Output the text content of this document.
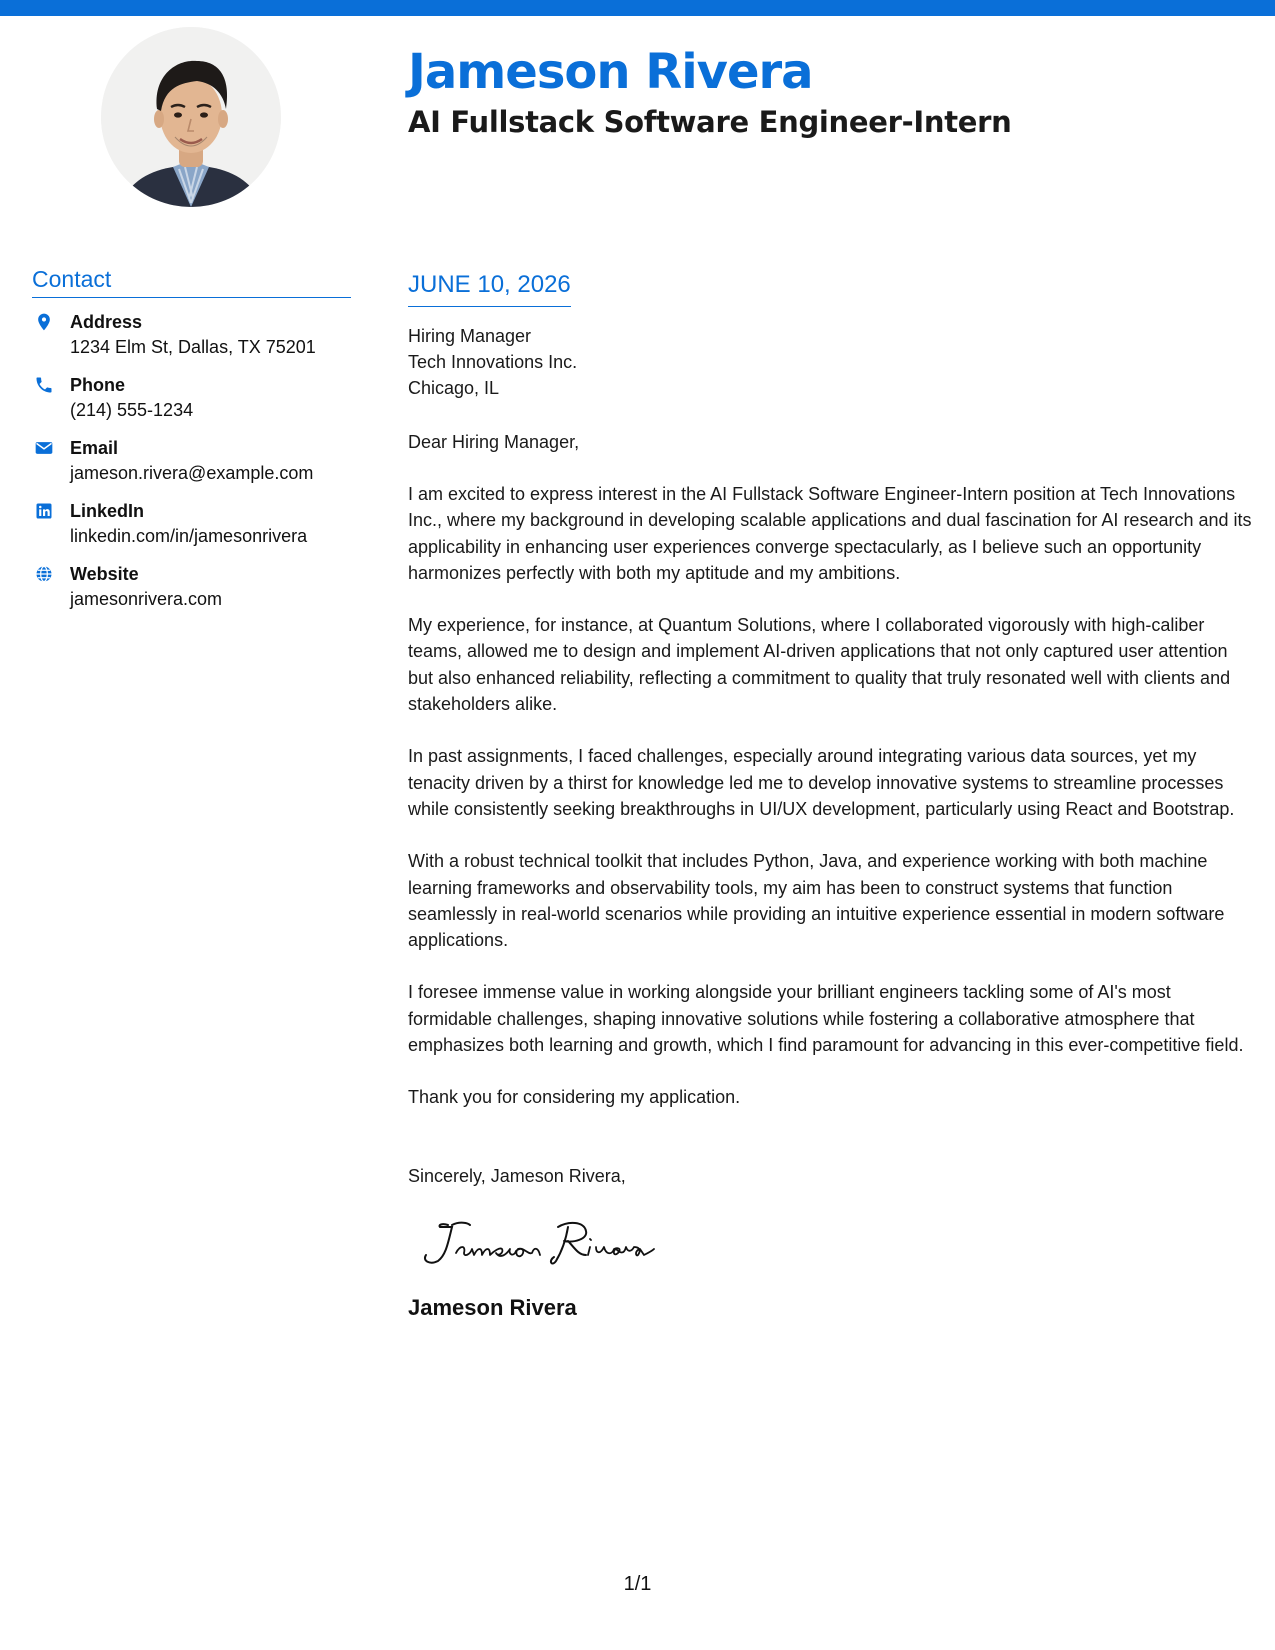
Jameson Rivera
AI Fullstack Software Engineer-Intern
Contact
Address
1234 Elm St, Dallas, TX 75201
Phone
(214) 555-1234
Email
jameson.rivera@example.com
LinkedIn
linkedin.com/in/jamesonrivera
Website
jamesonrivera.com
JUNE 10, 2026
Hiring Manager
Tech Innovations Inc.
Chicago, IL
Dear Hiring Manager,
I am excited to express interest in the AI Fullstack Software Engineer-Intern position at Tech Innovations Inc., where my background in developing scalable applications and dual fascination for AI research and its applicability in enhancing user experiences converge spectacularly, as I believe such an opportunity harmonizes perfectly with both my aptitude and my ambitions.
My experience, for instance, at Quantum Solutions, where I collaborated vigorously with high-caliber teams, allowed me to design and implement AI-driven applications that not only captured user attention but also enhanced reliability, reflecting a commitment to quality that truly resonated well with clients and stakeholders alike.
In past assignments, I faced challenges, especially around integrating various data sources, yet my tenacity driven by a thirst for knowledge led me to develop innovative systems to streamline processes while consistently seeking breakthroughs in UI/UX development, particularly using React and Bootstrap.
With a robust technical toolkit that includes Python, Java, and experience working with both machine learning frameworks and observability tools, my aim has been to construct systems that function seamlessly in real-world scenarios while providing an intuitive experience essential in modern software applications.
I foresee immense value in working alongside your brilliant engineers tackling some of AI's most formidable challenges, shaping innovative solutions while fostering a collaborative atmosphere that emphasizes both learning and growth, which I find paramount for advancing in this ever-competitive field.
Thank you for considering my application.
Sincerely, Jameson Rivera,
Jameson Rivera
1/1
